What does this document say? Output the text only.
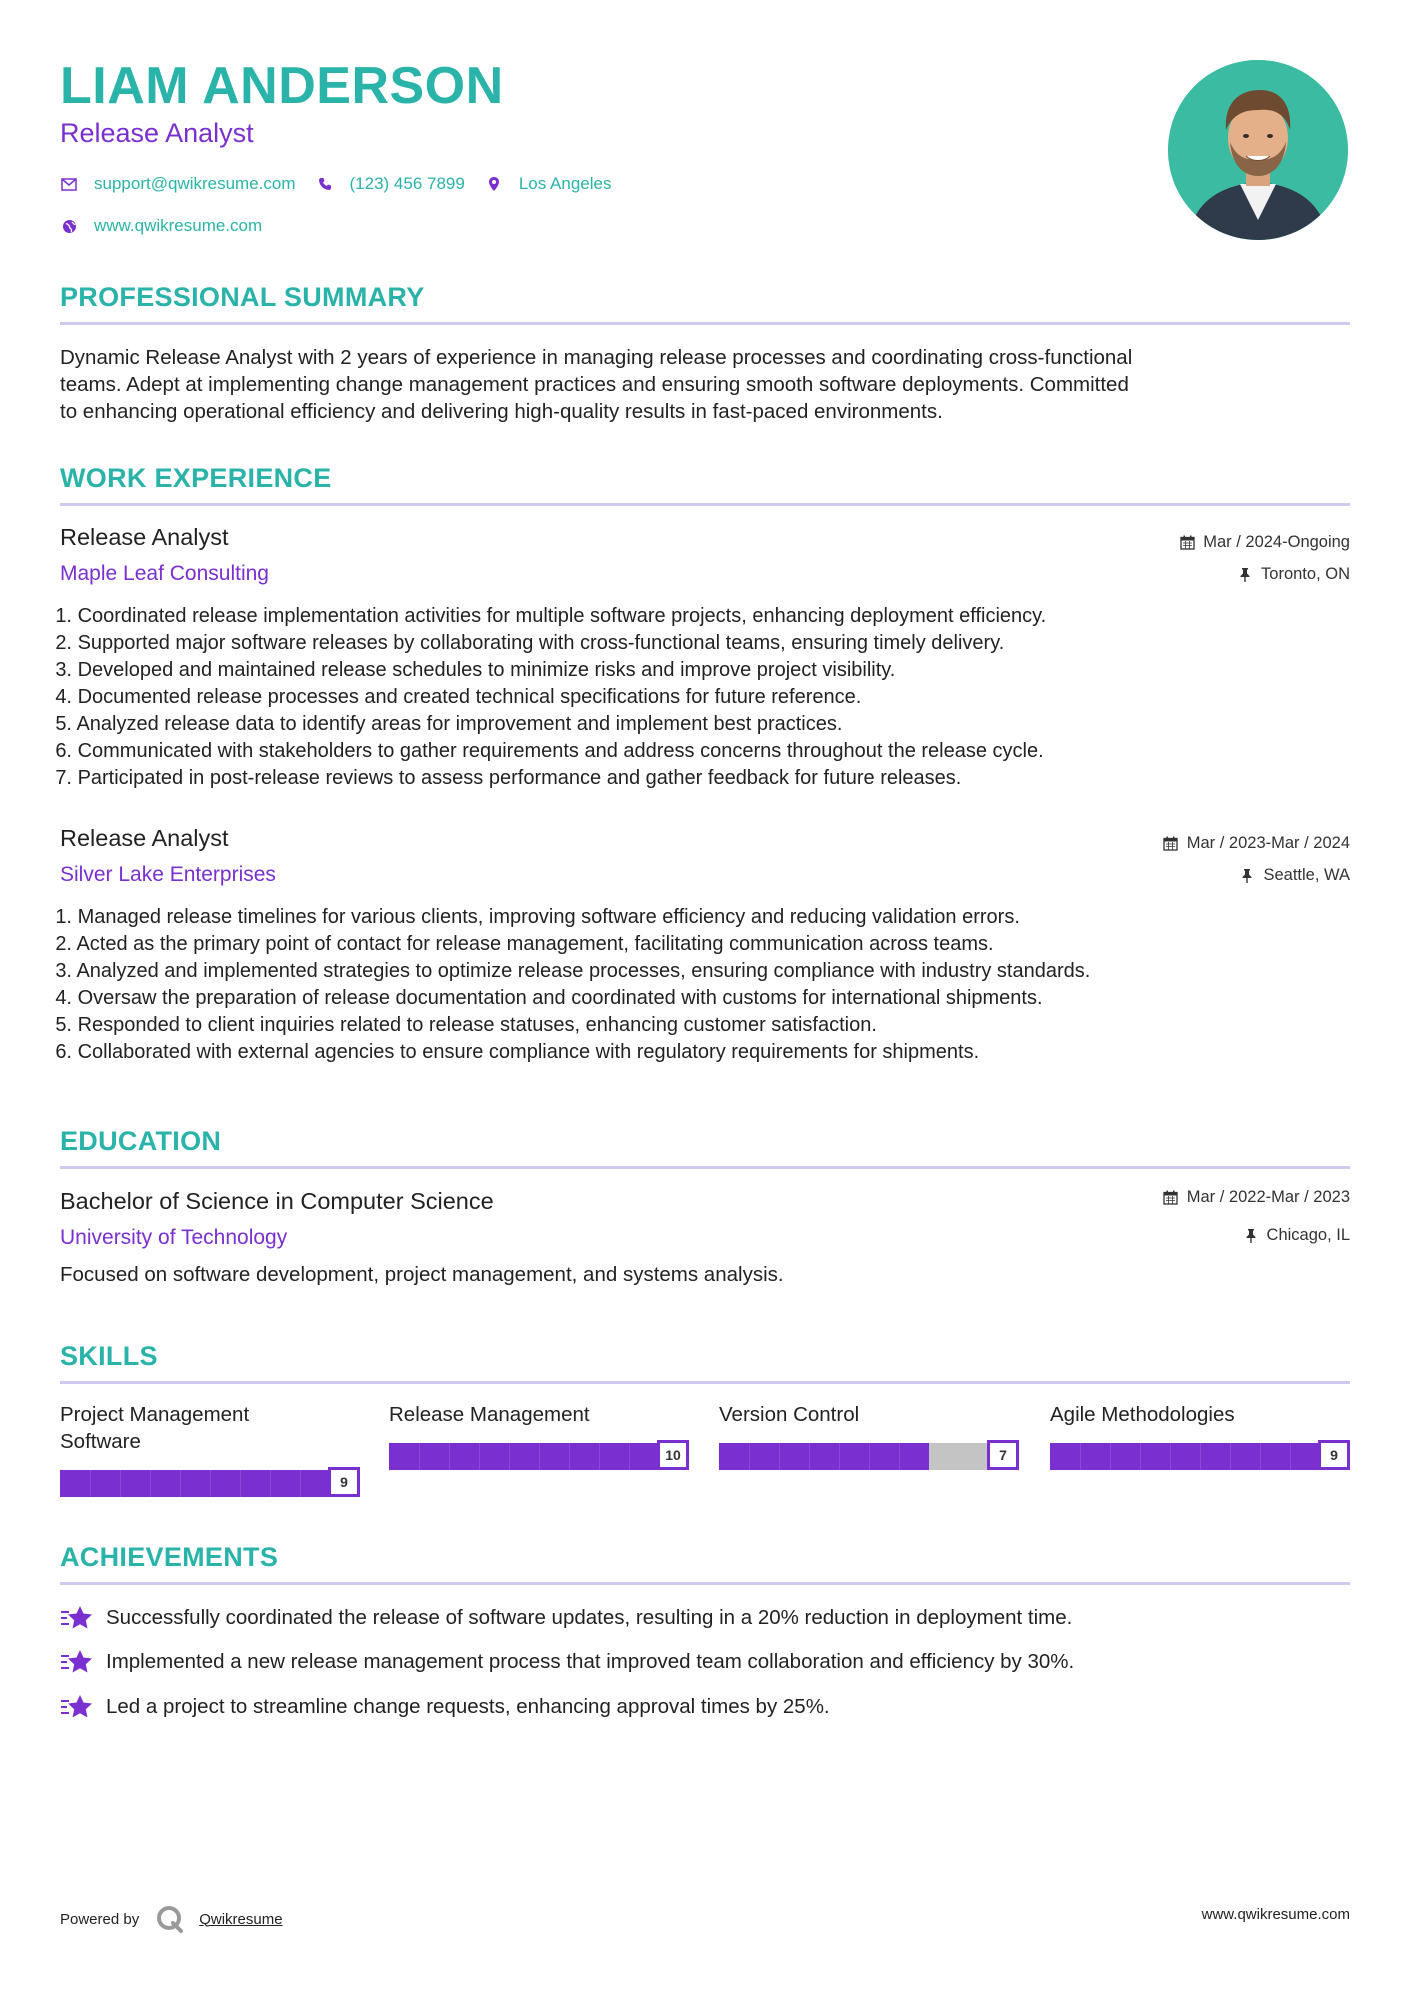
LIAM ANDERSON
Release Analyst
support@qwikresume.com	(123) 456 7899	Los Angeles
www.qwikresume.com
PROFESSIONAL SUMMARY
Dynamic Release Analyst with 2 years of experience in managing release processes and coordinating cross-functional
teams. Adept at implementing change management practices and ensuring smooth software deployments. Committed
to enhancing operational efficiency and delivering high-quality results in fast-paced environments.
WORK EXPERIENCE
Release Analyst
Maple Leaf Consulting
Mar / 2024-Ongoing
Toronto, ON
1. Coordinated release implementation activities for multiple software projects, enhancing deployment efficiency.
2. Supported major software releases by collaborating with cross-functional teams, ensuring timely delivery.
3. Developed and maintained release schedules to minimize risks and improve project visibility.
4. Documented release processes and created technical specifications for future reference.
5. Analyzed release data to identify areas for improvement and implement best practices.
6. Communicated with stakeholders to gather requirements and address concerns throughout the release cycle.
7. Participated in post-release reviews to assess performance and gather feedback for future releases.
Release Analyst
Silver Lake Enterprises
Mar / 2023-Mar / 2024
Seattle, WA
1. Managed release timelines for various clients, improving software efficiency and reducing validation errors.
2. Acted as the primary point of contact for release management, facilitating communication across teams.
3. Analyzed and implemented strategies to optimize release processes, ensuring compliance with industry standards.
4. Oversaw the preparation of release documentation and coordinated with customs for international shipments.
5. Responded to client inquiries related to release statuses, enhancing customer satisfaction.
6. Collaborated with external agencies to ensure compliance with regulatory requirements for shipments.
EDUCATION
Bachelor of Science in Computer Science
University of Technology
Mar / 2022-Mar / 2023
Chicago, IL
Focused on software development, project management, and systems analysis.
SKILLS
Project Management
Software
9
Release Management
10
Version Control
7
Agile Methodologies
9
ACHIEVEMENTS
Successfully coordinated the release of software updates, resulting in a 20% reduction in deployment time.
Implemented a new release management process that improved team collaboration and efficiency by 30%.
Led a project to streamline change requests, enhancing approval times by 25%.
Powered by	Qwikresume	www.qwikresume.com
